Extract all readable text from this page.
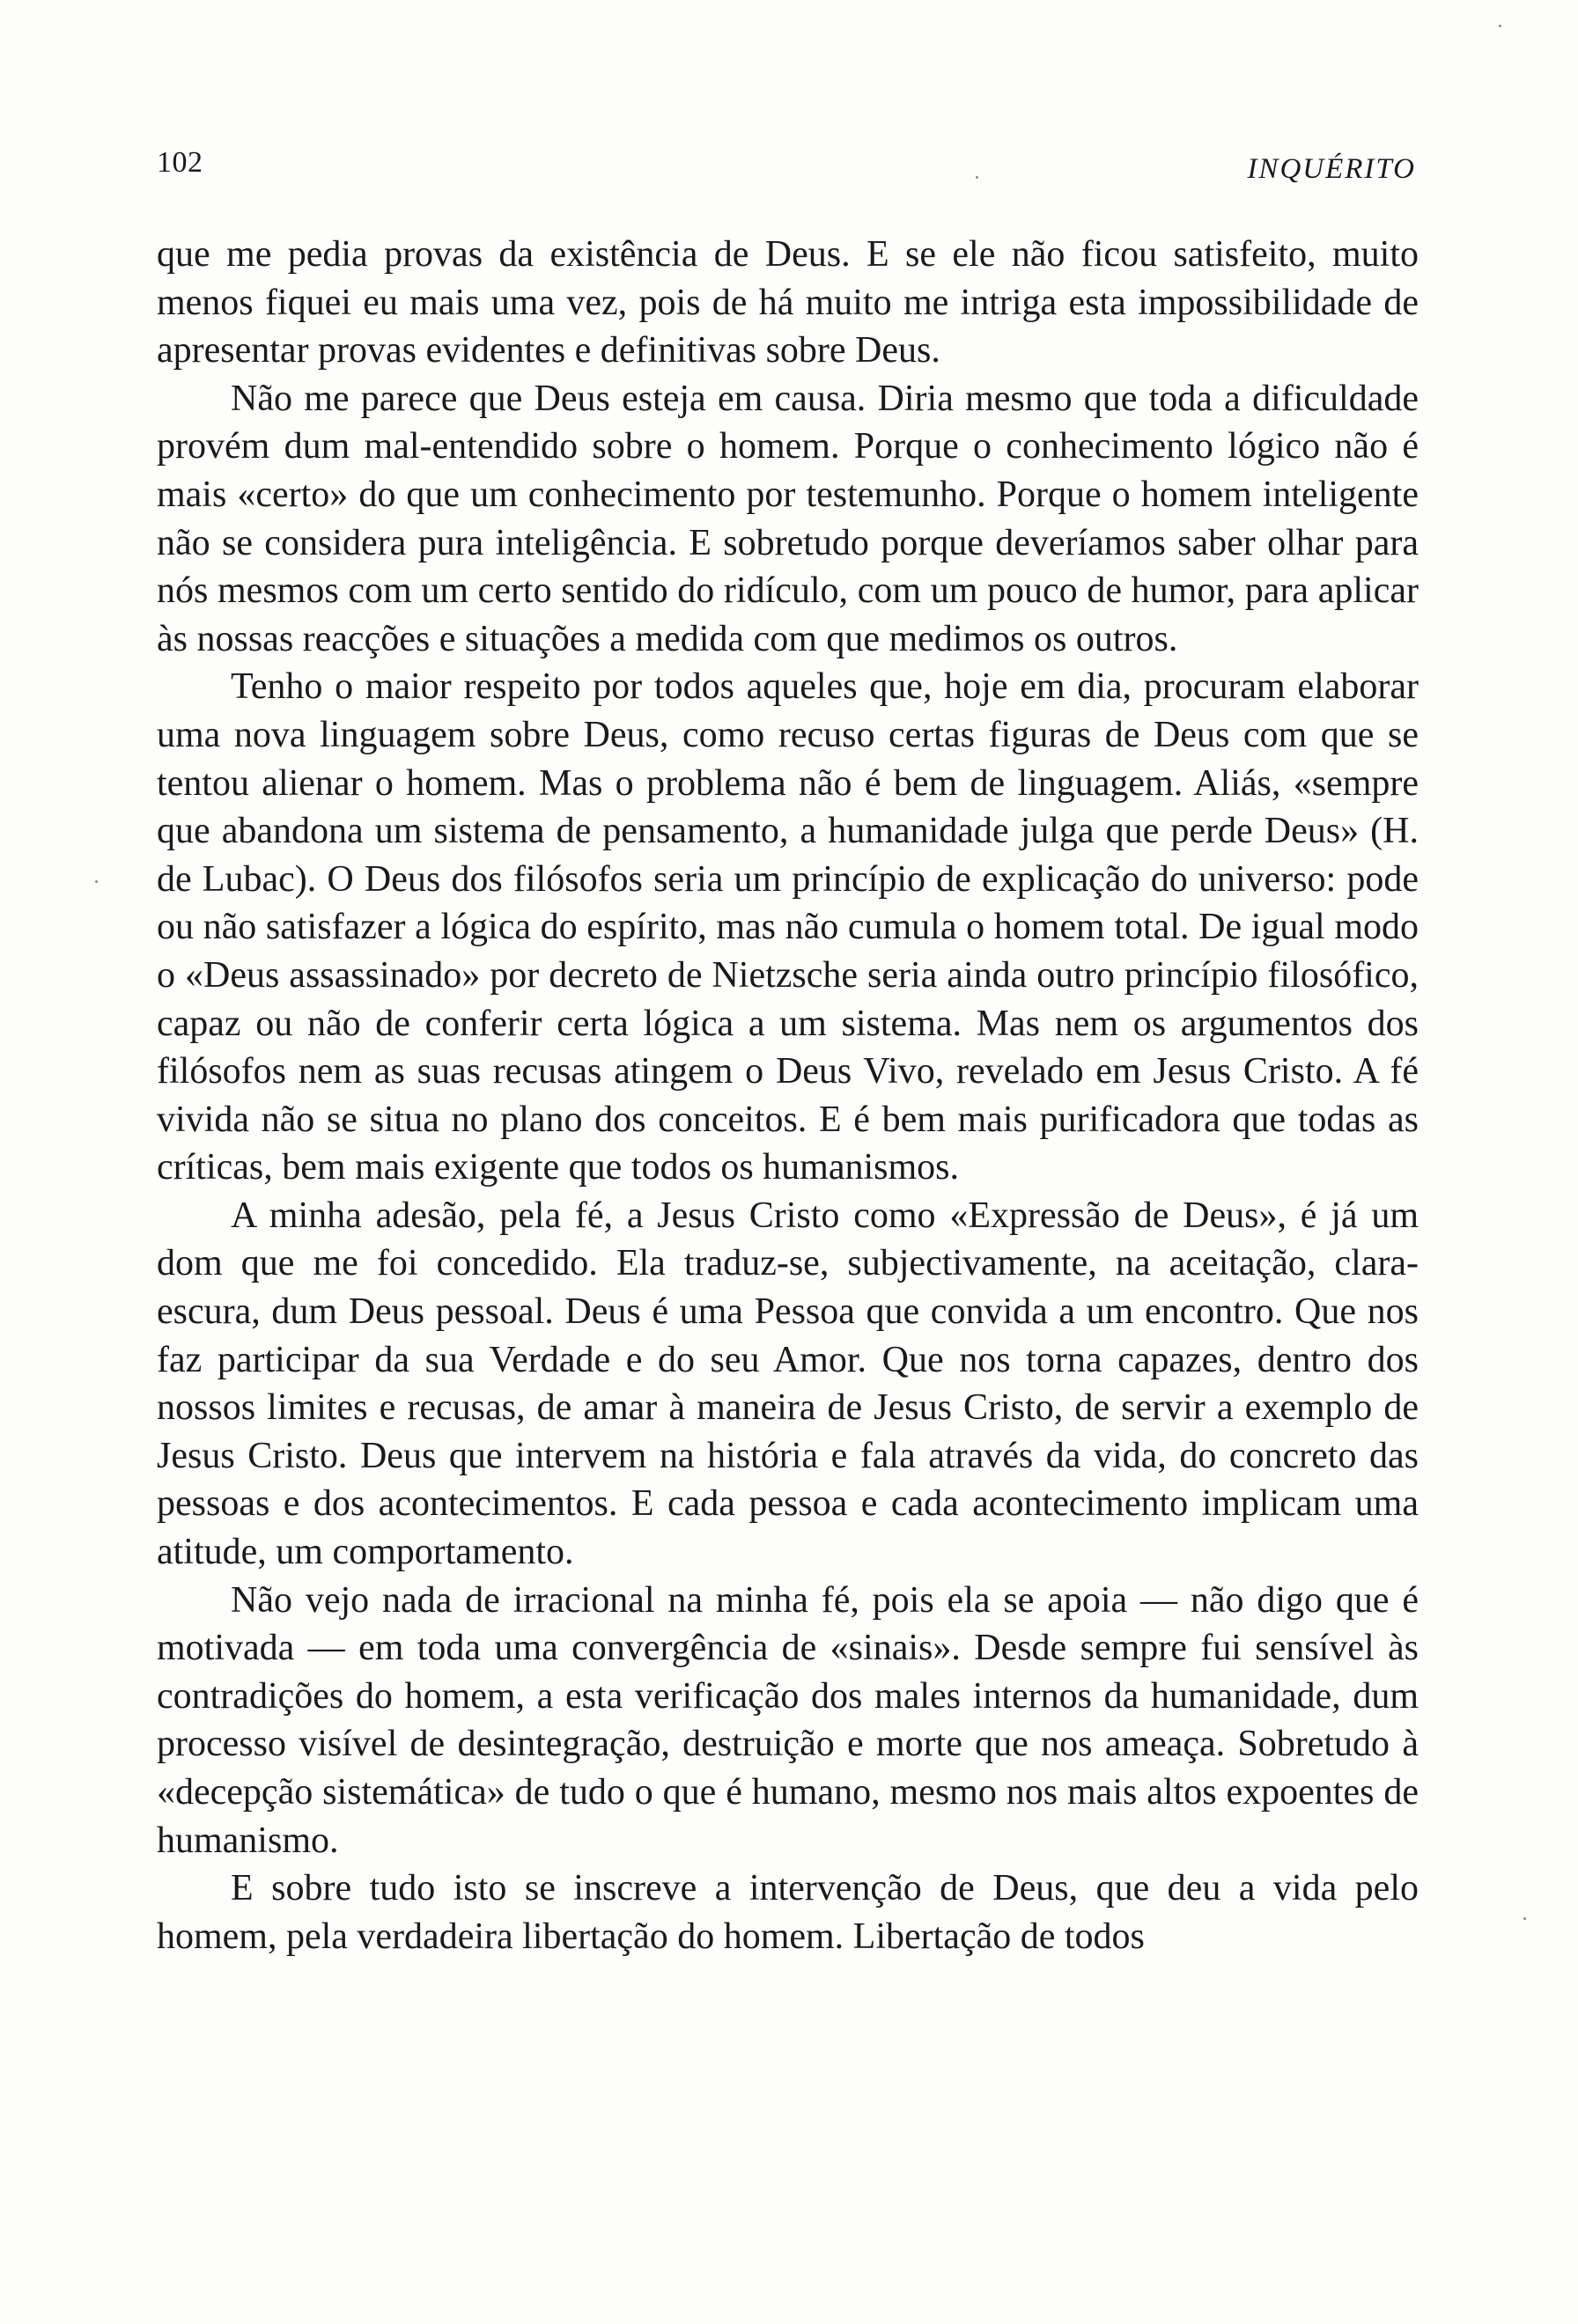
102	INQUÉRITO

que me pedia provas da existência de Deus. E se ele não ficou satisfeito, muito menos fiquei eu mais uma vez, pois de há muito me intriga esta impossibilidade de apresentar provas evidentes e definitivas sobre Deus.

Não me parece que Deus esteja em causa. Diria mesmo que toda a dificuldade provém dum mal-entendido sobre o homem. Porque o conhecimento lógico não é mais «certo» do que um conhecimento por testemunho. Porque o homem inteligente não se considera pura inteligência. E sobretudo porque deveríamos saber olhar para nós mesmos com um certo sentido do ridículo, com um pouco de humor, para aplicar às nossas reacções e situações a medida com que medimos os outros.

Tenho o maior respeito por todos aqueles que, hoje em dia, procuram elaborar uma nova linguagem sobre Deus, como recuso certas figuras de Deus com que se tentou alienar o homem. Mas o problema não é bem de linguagem. Aliás, «sempre que abandona um sistema de pensamento, a humanidade julga que perde Deus» (H. de Lubac). O Deus dos filósofos seria um princípio de explicação do universo: pode ou não satisfazer a lógica do espírito, mas não cumula o homem total. De igual modo o «Deus assassinado» por decreto de Nietzsche seria ainda outro princípio filosófico, capaz ou não de conferir certa lógica a um sistema. Mas nem os argumentos dos filósofos nem as suas recusas atingem o Deus Vivo, revelado em Jesus Cristo. A fé vivida não se situa no plano dos conceitos. E é bem mais purificadora que todas as críticas, bem mais exigente que todos os humanismos.

A minha adesão, pela fé, a Jesus Cristo como «Expressão de Deus», é já um dom que me foi concedido. Ela traduz-se, subjectivamente, na aceitação, clara-escura, dum Deus pessoal. Deus é uma Pessoa que convida a um encontro. Que nos faz participar da sua Verdade e do seu Amor. Que nos torna capazes, dentro dos nossos limites e recusas, de amar à maneira de Jesus Cristo, de servir a exemplo de Jesus Cristo. Deus que intervem na história e fala através da vida, do concreto das pessoas e dos acontecimentos. E cada pessoa e cada acontecimento implicam uma atitude, um comportamento.

Não vejo nada de irracional na minha fé, pois ela se apoia — não digo que é motivada — em toda uma convergência de «sinais». Desde sempre fui sensível às contradições do homem, a esta verificação dos males internos da humanidade, dum processo visível de desintegração, destruição e morte que nos ameaça. Sobretudo à «decepção sistemática» de tudo o que é humano, mesmo nos mais altos expoentes de humanismo.

E sobre tudo isto se inscreve a intervenção de Deus, que deu a vida pelo homem, pela verdadeira libertação do homem. Libertação de todos
